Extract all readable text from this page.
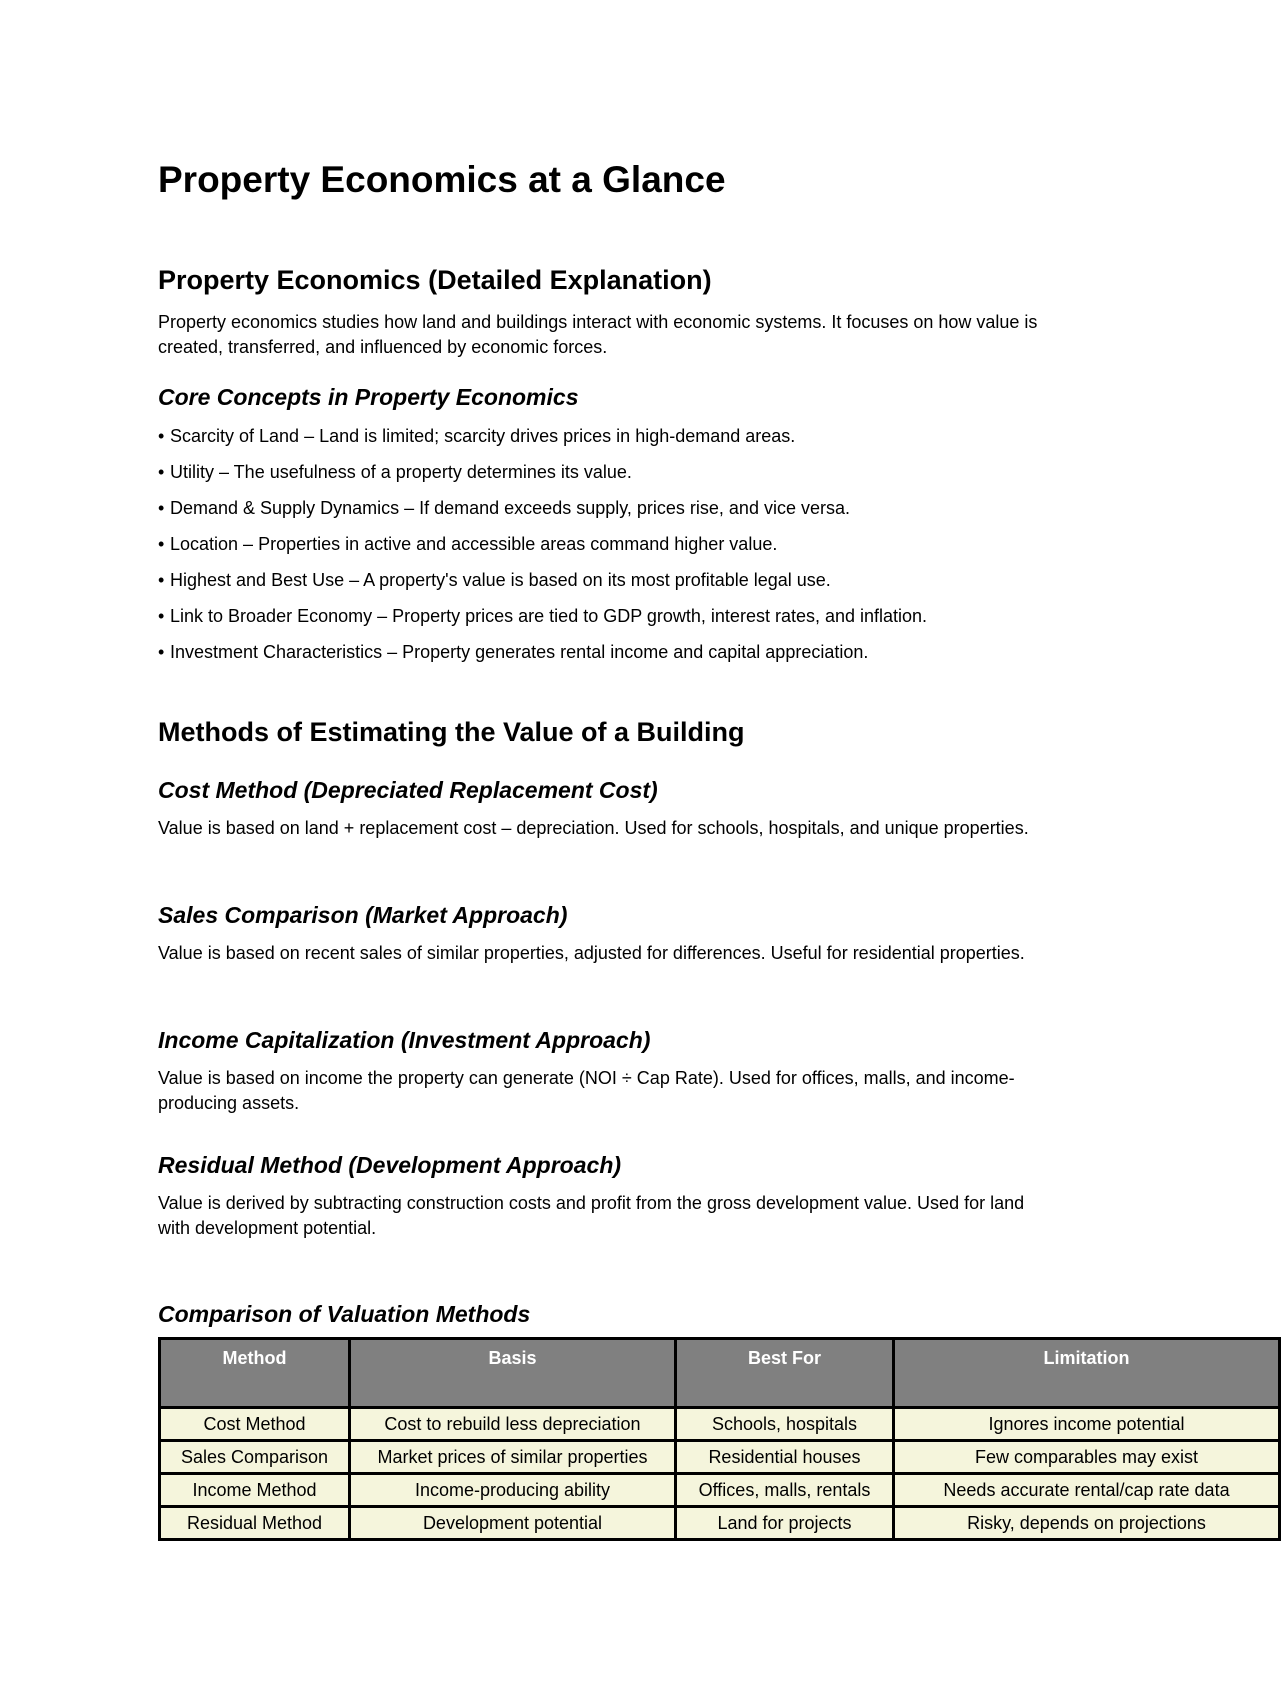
Property Economics at a Glance
Property Economics (Detailed Explanation)

Property economics studies how land and buildings interact with economic systems. It focuses on how value is created, transferred, and influenced by economic forces.

Core Concepts in Property Economics
• Scarcity of Land – Land is limited; scarcity drives prices in high-demand areas.
• Utility – The usefulness of a property determines its value.
• Demand & Supply Dynamics – If demand exceeds supply, prices rise, and vice versa.
• Location – Properties in active and accessible areas command higher value.
• Highest and Best Use – A property's value is based on its most profitable legal use.
• Link to Broader Economy – Property prices are tied to GDP growth, interest rates, and inflation.
• Investment Characteristics – Property generates rental income and capital appreciation.
Methods of Estimating the Value of a Building
Cost Method (Depreciated Replacement Cost)

Value is based on land + replacement cost – depreciation. Used for schools, hospitals, and unique properties.

Sales Comparison (Market Approach)

Value is based on recent sales of similar properties, adjusted for differences. Useful for residential properties.

Income Capitalization (Investment Approach)

Value is based on income the property can generate (NOI ÷ Cap Rate). Used for offices, malls, and income-producing assets.

Residual Method (Development Approach)

Value is derived by subtracting construction costs and profit from the gross development value. Used for land with development potential.

Comparison of Valuation Methods
Method	Basis	Best For	Limitation
Cost Method	Cost to rebuild less depreciation	Schools, hospitals	Ignores income potential
Sales Comparison	Market prices of similar properties	Residential houses	Few comparables may exist
Income Method	Income-producing ability	Offices, malls, rentals	Needs accurate rental/cap rate data
Residual Method	Development potential	Land for projects	Risky, depends on projections
